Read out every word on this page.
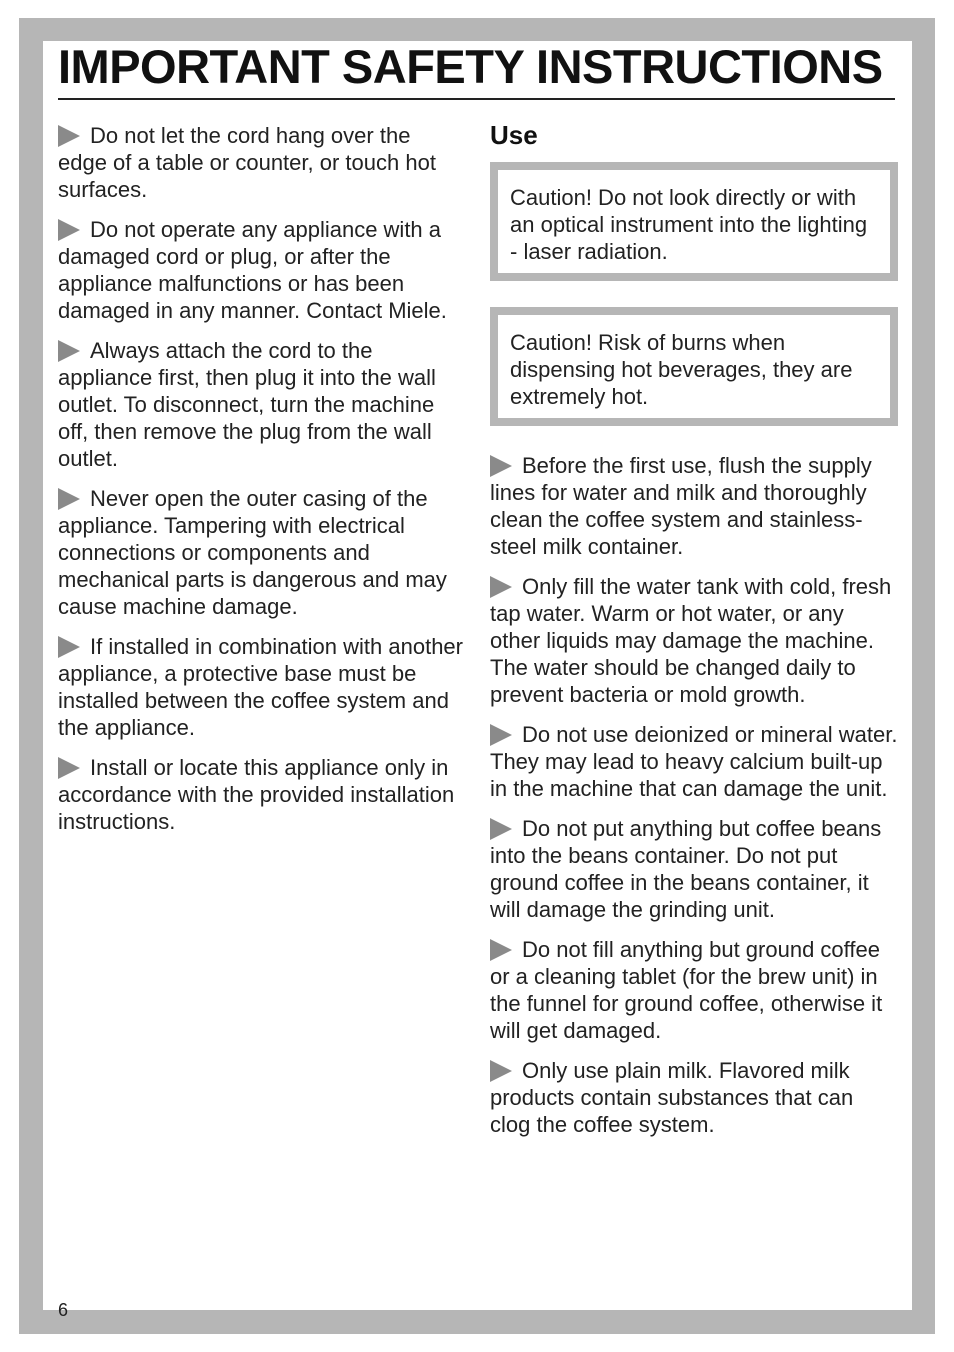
IMPORTANT SAFETY INSTRUCTIONS

Do not let the cord hang over the edge of a table or counter, or touch hot surfaces.

Do not operate any appliance with a damaged cord or plug, or after the appliance malfunctions or has been damaged in any manner. Contact Miele.

Always attach the cord to the appliance first, then plug it into the wall outlet. To disconnect, turn the machine off, then remove the plug from the wall outlet.

Never open the outer casing of the appliance. Tampering with electrical connections or components and mechanical parts is dangerous and may cause machine damage.

If installed in combination with another appliance, a protective base must be installed between the coffee system and the appliance.

Install or locate this appliance only in accordance with the provided installation instructions.

Use
Caution! Do not look directly or with an optical instrument into the lighting - laser radiation.
Caution! Risk of burns when dispensing hot beverages, they are extremely hot.

Before the first use, flush the supply lines for water and milk and thoroughly clean the coffee system and stainless-steel milk container.

Only fill the water tank with cold, fresh tap water. Warm or hot water, or any other liquids may damage the machine. The water should be changed daily to prevent bacteria or mold growth.

Do not use deionized or mineral water. They may lead to heavy calcium built-up in the machine that can damage the unit.

Do not put anything but coffee beans into the beans container. Do not put ground coffee in the beans container, it will damage the grinding unit.

Do not fill anything but ground coffee or a cleaning tablet (for the brew unit) in the funnel for ground coffee, otherwise it will get damaged.

Only use plain milk. Flavored milk products contain substances that can clog the coffee system.

6
